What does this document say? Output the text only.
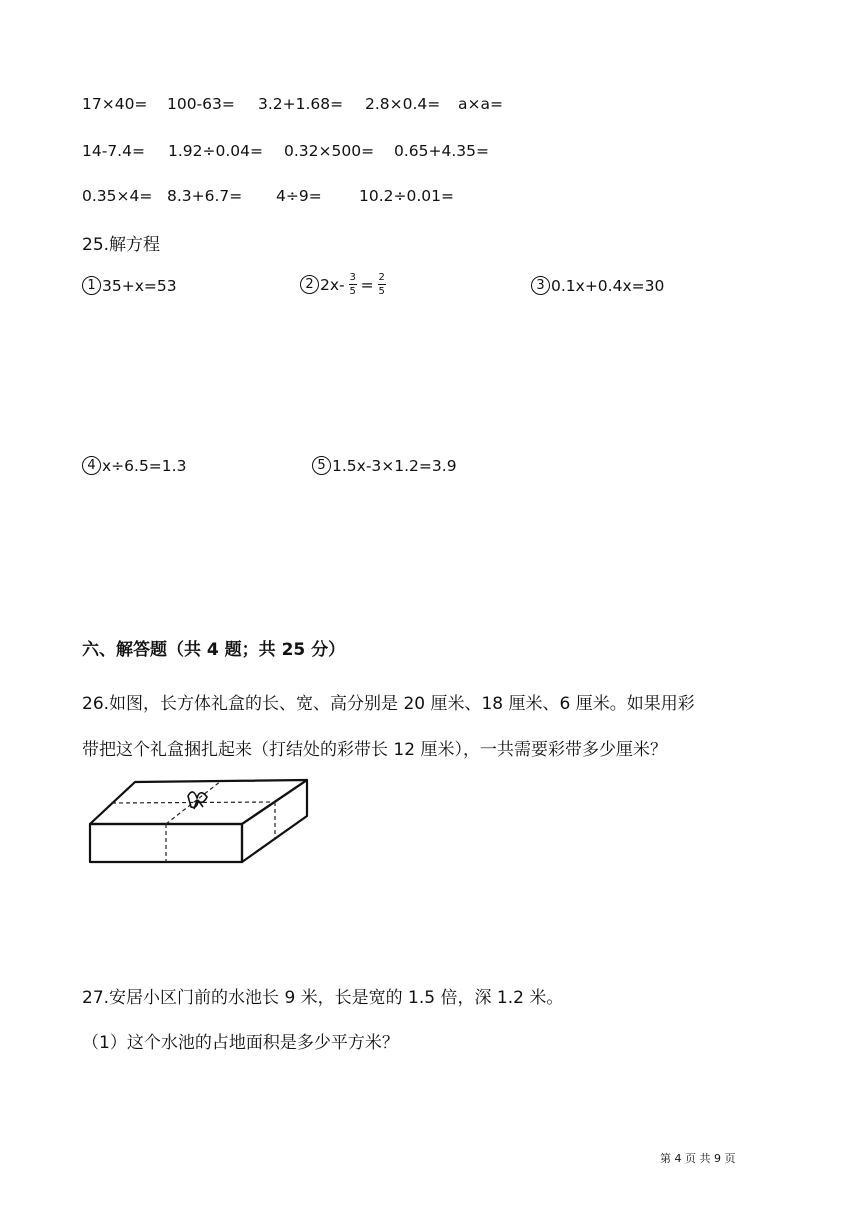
17×40= 100-63= 3.2+1.68= 2.8×0.4= a×a=
14-7.4= 1.92÷0.04= 0.32×500= 0.65+4.35=
0.35×4= 8.3+6.7= 4÷9= 10.2÷0.01=
25.解方程
1 35+x=53	2 $2x- \frac{3}{5} = \frac{2}{5}$	3 0.1x+0.4x=30
4 x÷6.5=1.3	5 1.5x-3×1.2=3.9
六、解答题（共 4 题；共 25 分）
26.如图，长方体礼盒的长、宽、高分别是 20 厘米、18 厘米、6 厘米。如果用彩
带把这个礼盒捆扎起来（打结处的彩带长 12 厘米），一共需要彩带多少厘米？
27.安居小区门前的水池长 9 米，长是宽的 1.5 倍，深 1.2 米。
（1）这个水池的占地面积是多少平方米？
第 4 页 共 9 页
